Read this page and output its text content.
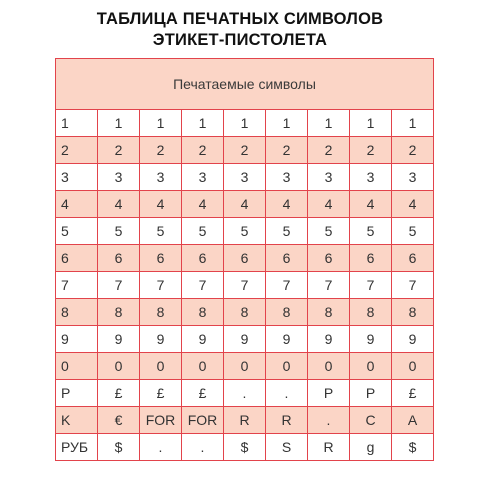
ТАБЛИЦА ПЕЧАТНЫХ СИМВОЛОВ
ЭТИКЕТ-ПИСТОЛЕТА
Печатаемые символы								
1	1	1	1	1	1	1	1	1
2	2	2	2	2	2	2	2	2
3	3	3	3	3	3	3	3	3
4	4	4	4	4	4	4	4	4
5	5	5	5	5	5	5	5	5
6	6	6	6	6	6	6	6	6
7	7	7	7	7	7	7	7	7
8	8	8	8	8	8	8	8	8
9	9	9	9	9	9	9	9	9
0	0	0	0	0	0	0	0	0
P	£	£	£	.	.	P	P	£
K	€	FOR	FOR	R	R	.	C	A
РУБ	$	.	.	$	S	R	g	$
